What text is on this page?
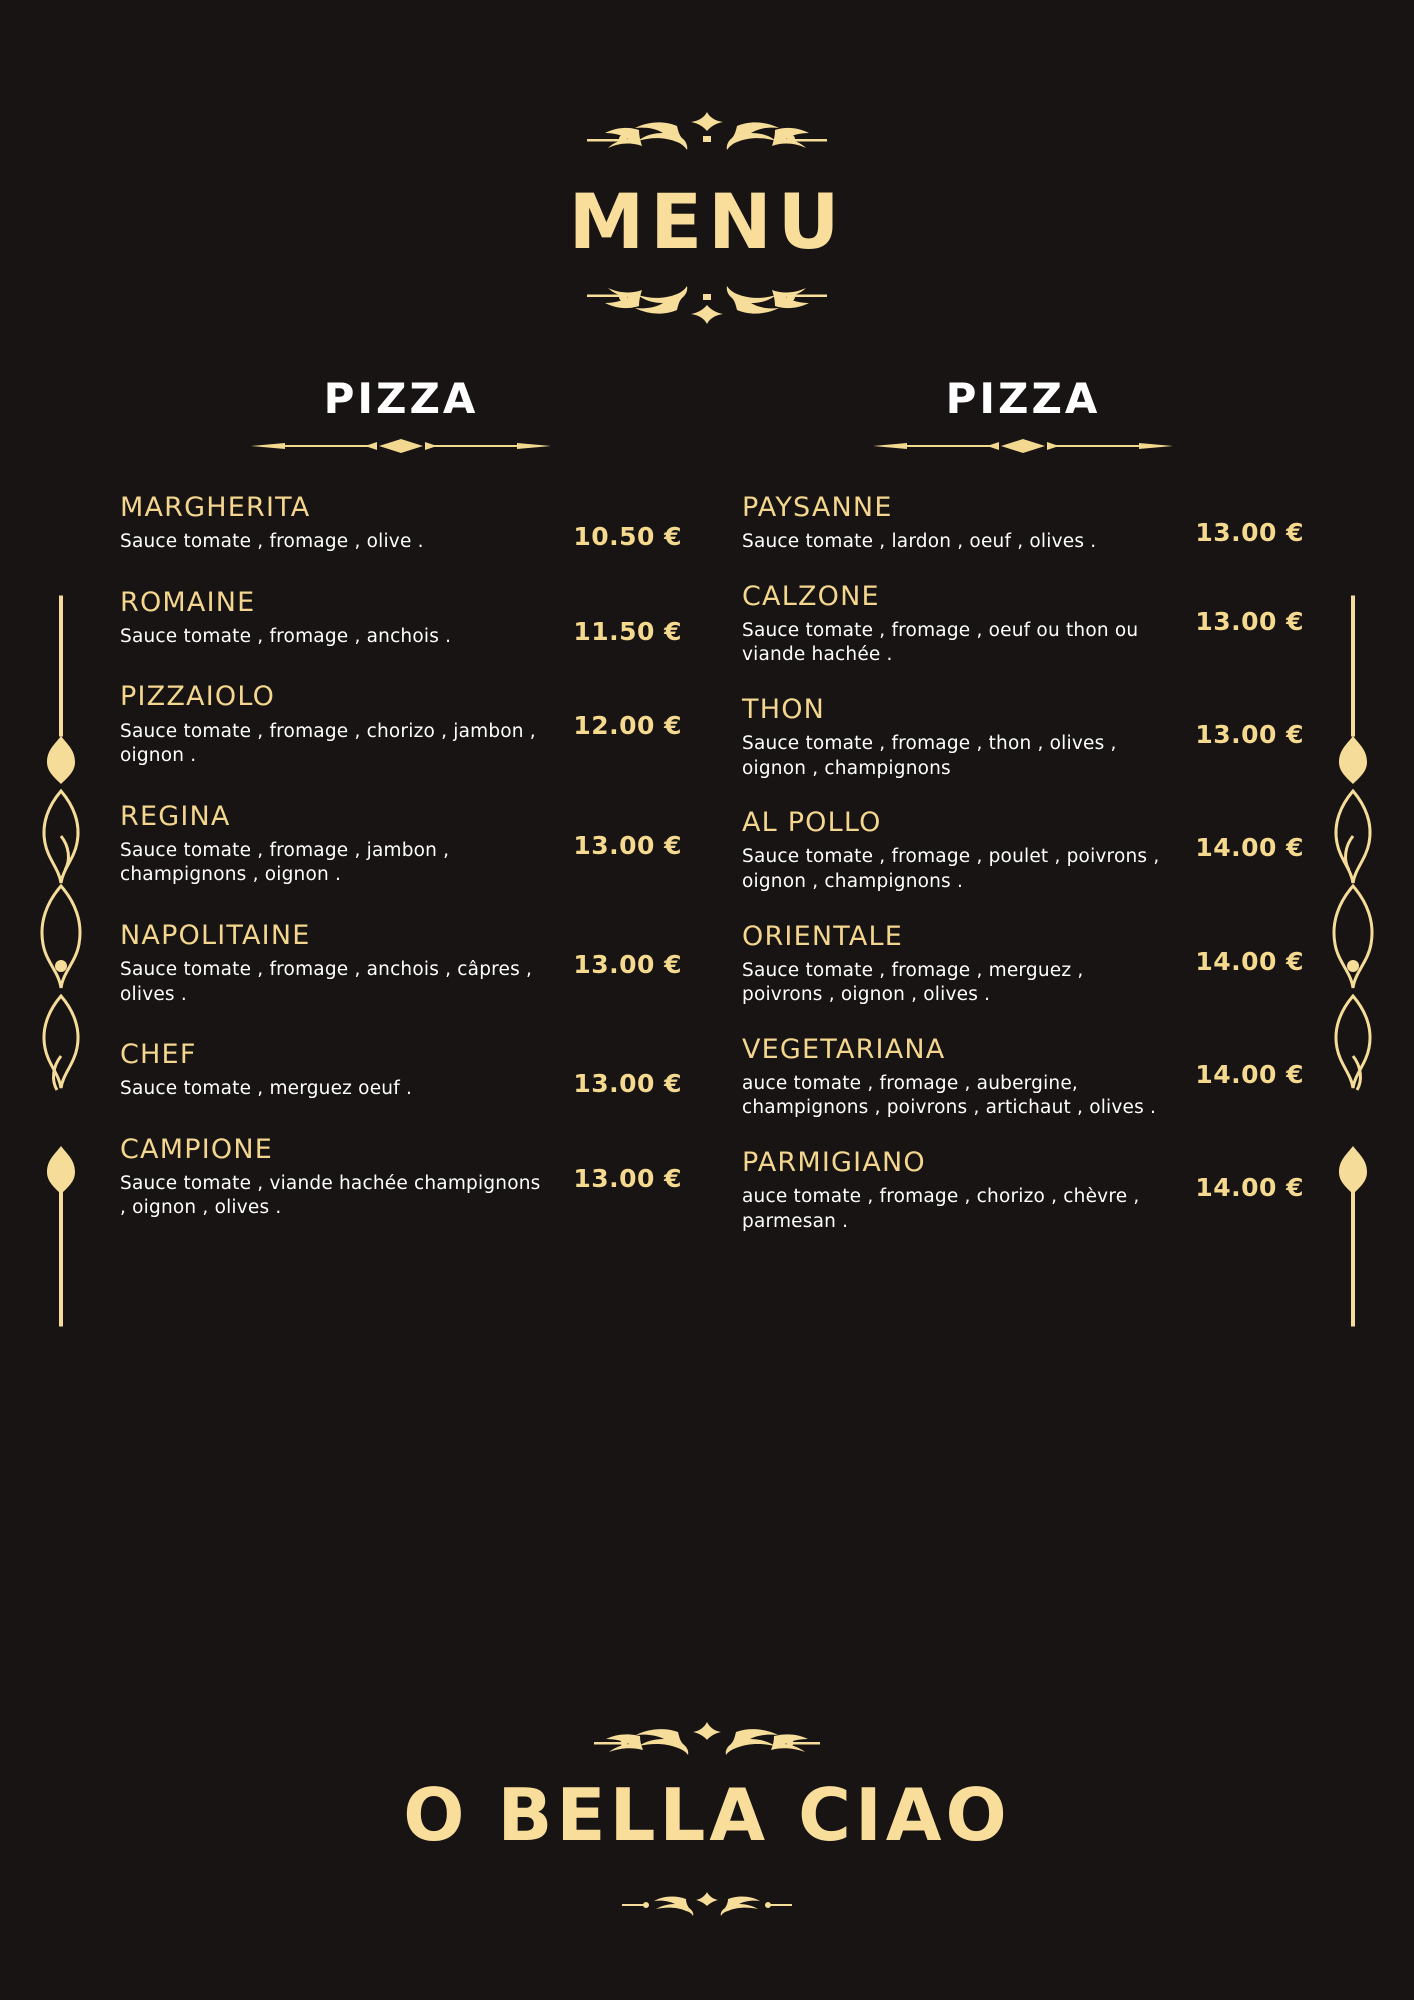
MENU
PIZZA
MARGHERITA
Sauce tomate , fromage , olive .	10.50 €
ROMAINE
Sauce tomate , fromage , anchois .	11.50 €
PIZZAIOLO
Sauce tomate , fromage , chorizo , jambon , oignon .
12.00 €
REGINA
Sauce tomate , fromage , jambon , champignons , oignon .
13.00 €
NAPOLITAINE
Sauce tomate , fromage , anchois , câpres , olives .
13.00 €
CHEF
Sauce tomate , merguez oeuf .	13.00 €
CAMPIONE
Sauce tomate , viande hachée champignons , oignon , olives .
13.00 €
PIZZA
PAYSANNE
Sauce tomate , lardon , oeuf , olives .	13.00 €
CALZONE
Sauce tomate , fromage , oeuf ou thon ou viande hachée .
13.00 €
THON
Sauce tomate , fromage , thon , olives , oignon , champignons
13.00 €
AL POLLO
Sauce tomate , fromage , poulet , poivrons , oignon , champignons .
14.00 €
ORIENTALE
Sauce tomate , fromage , merguez , poivrons , oignon , olives .
14.00 €
VEGETARIANA
auce tomate , fromage , aubergine, champignons , poivrons , artichaut , olives .
14.00 €
PARMIGIANO
auce tomate , fromage , chorizo , chèvre , parmesan .
14.00 €
O BELLA CIAO
